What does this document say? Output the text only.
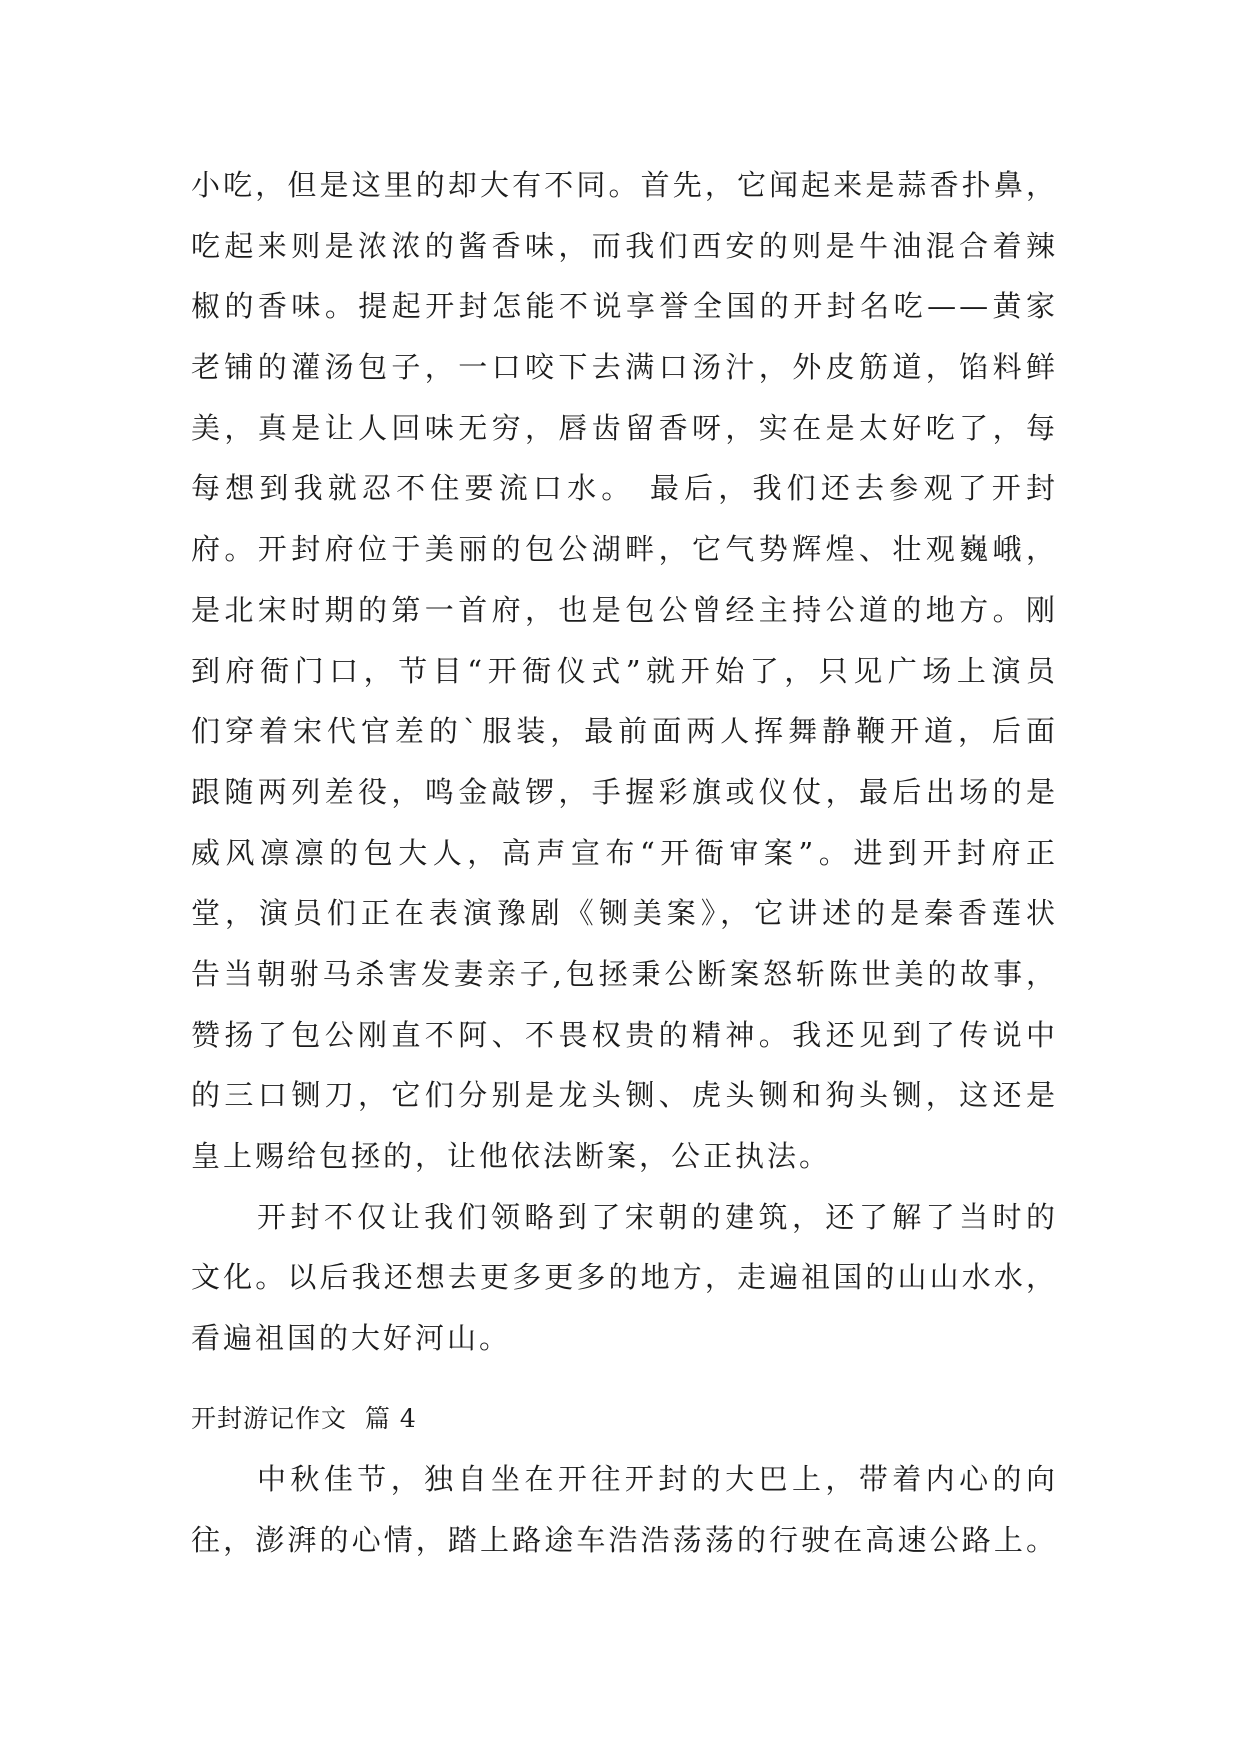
小吃，但是这里的却大有不同。首先，它闻起来是蒜香扑鼻，
吃起来则是浓浓的酱香味，而我们西安的则是牛油混合着辣
椒的香味。提起开封怎能不说享誉全国的开封名吃——黄家
老铺的灌汤包子，一口咬下去满口汤汁，外皮筋道，馅料鲜
美，真是让人回味无穷，唇齿留香呀，实在是太好吃了，每
每想到我就忍不住要流口水。 最后，我们还去参观了开封
府。开封府位于美丽的包公湖畔，它气势辉煌、壮观巍峨，
是北宋时期的第一首府，也是包公曾经主持公道的地方。刚
到府衙门口，节目“开衙仪式”就开始了，只见广场上演员
们穿着宋代官差的`服装，最前面两人挥舞静鞭开道，后面
跟随两列差役，鸣金敲锣，手握彩旗或仪仗，最后出场的是
威风凛凛的包大人，高声宣布“开衙审案”。进到开封府正
堂，演员们正在表演豫剧《铡美案》，它讲述的是秦香莲状
告当朝驸马杀害发妻亲子,包拯秉公断案怒斩陈世美的故事，
赞扬了包公刚直不阿、不畏权贵的精神。我还见到了传说中
的三口铡刀，它们分别是龙头铡、虎头铡和狗头铡，这还是
皇上赐给包拯的，让他依法断案，公正执法。
开封不仅让我们领略到了宋朝的建筑，还了解了当时的
文化。以后我还想去更多更多的地方，走遍祖国的山山水水，
看遍祖国的大好河山。
开封游记作文  篇 4
中秋佳节，独自坐在开往开封的大巴上，带着内心的向
往，澎湃的心情，踏上路途车浩浩荡荡的行驶在高速公路上。
